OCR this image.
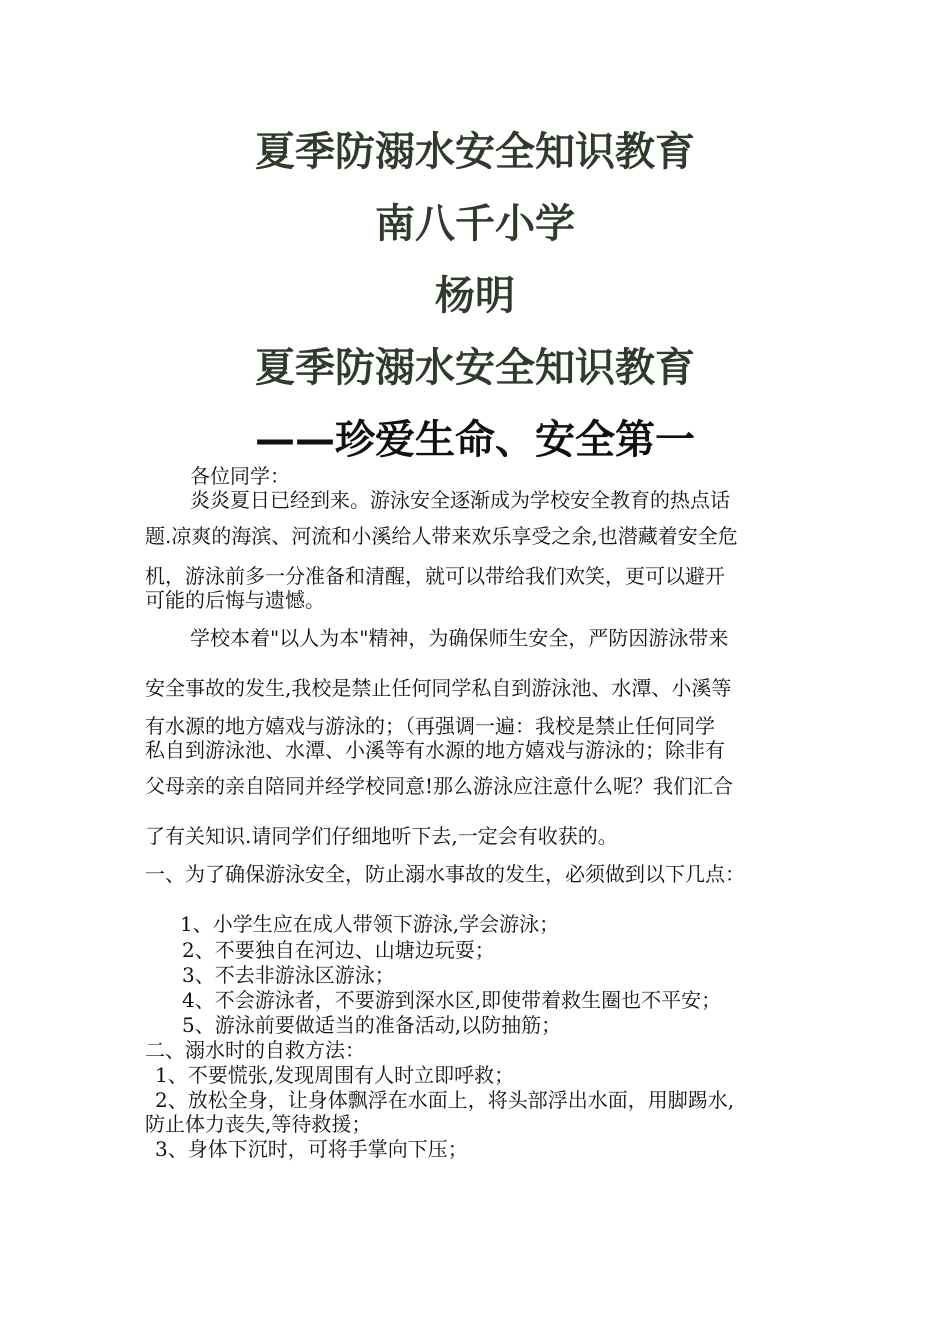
夏季防溺水安全知识教育
南八千小学
杨明
夏季防溺水安全知识教育
——珍爱生命、安全第一
各位同学：
炎炎夏日已经到来。游泳安全逐渐成为学校安全教育的热点话
题.凉爽的海滨、河流和小溪给人带来欢乐享受之余,也潜藏着安全危
机，游泳前多一分准备和清醒，就可以带给我们欢笑，更可以避开
可能的后悔与遗憾。
学校本着"以人为本"精神，为确保师生安全，严防因游泳带来
安全事故的发生,我校是禁止任何同学私自到游泳池、水潭、小溪等
有水源的地方嬉戏与游泳的；（再强调一遍：我校是禁止任何同学
私自到游泳池、水潭、小溪等有水源的地方嬉戏与游泳的；除非有
父母亲的亲自陪同并经学校同意!那么游泳应注意什么呢？我们汇合
了有关知识.请同学们仔细地听下去,一定会有收获的。
一、为了确保游泳安全，防止溺水事故的发生，必须做到以下几点：
1、小学生应在成人带领下游泳,学会游泳；
2、不要独自在河边、山塘边玩耍；
3、不去非游泳区游泳；
4、不会游泳者，不要游到深水区,即使带着救生圈也不平安；
5、游泳前要做适当的准备活动,以防抽筋；
二、溺水时的自救方法：
1、不要慌张,发现周围有人时立即呼救；
2、放松全身，让身体飘浮在水面上，将头部浮出水面，用脚踢水,
防止体力丧失,等待救援；
3、身体下沉时，可将手掌向下压；
